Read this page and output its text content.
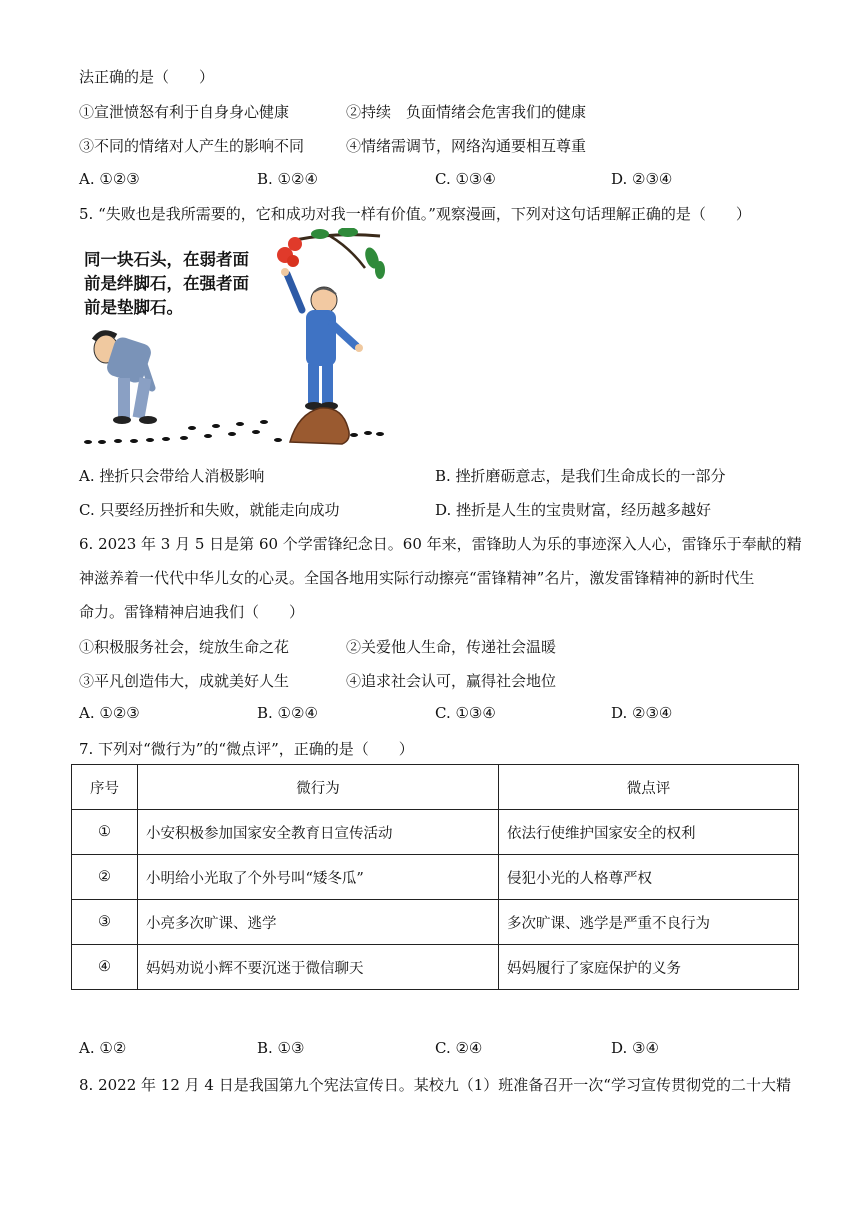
法正确的是（　　）
①宣泄愤怒有利于自身身心健康	②持续　负面情绪会危害我们的健康
③不同的情绪对人产生的影响不同	④情绪需调节，网络沟通要相互尊重
A. ①②③	B. ①②④	C. ①③④	D. ②③④
5. “失败也是我所需要的，它和成功对我一样有价值。”观察漫画，下列对这句话理解正确的是（　　）
同一块石头，在弱者面前是绊脚石，在强者面前是垫脚石。
A. 挫折只会带给人消极影响	B. 挫折磨砺意志，是我们生命成长的一部分
C. 只要经历挫折和失败，就能走向成功	D. 挫折是人生的宝贵财富，经历越多越好
6. 2023 年 3 月 5 日是第 60 个学雷锋纪念日。60 年来，雷锋助人为乐的事迹深入人心，雷锋乐于奉献的精
神滋养着一代代中华儿女的心灵。全国各地用实际行动擦亮“雷锋精神”名片，激发雷锋精神的新时代生
命力。雷锋精神启迪我们（　　）
①积极服务社会，绽放生命之花	②关爱他人生命，传递社会温暖
③平凡创造伟大，成就美好人生	④追求社会认可，赢得社会地位
A. ①②③	B. ①②④	C. ①③④	D. ②③④
7. 下列对“微行为”的“微点评”，正确的是（　　）
序号	微行为	微点评
①	小安积极参加国家安全教育日宣传活动	依法行使维护国家安全的权利
②	小明给小光取了个外号叫“矮冬瓜”	侵犯小光的人格尊严权
③	小亮多次旷课、逃学	多次旷课、逃学是严重不良行为
④	妈妈劝说小辉不要沉迷于微信聊天	妈妈履行了家庭保护的义务
A. ①②	B. ①③	C. ②④	D. ③④
8. 2022 年 12 月 4 日是我国第九个宪法宣传日。某校九（1）班准备召开一次“学习宣传贯彻党的二十大精
